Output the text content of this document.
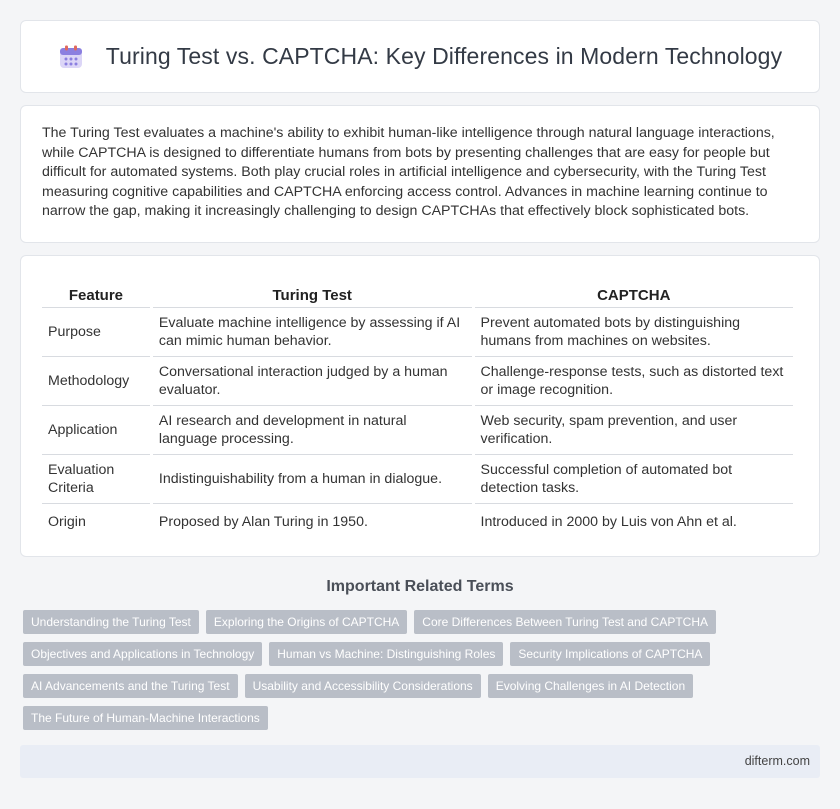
Turing Test vs. CAPTCHA: Key Differences in Modern Technology

The Turing Test evaluates a machine's ability to exhibit human-like intelligence through natural language interactions, while CAPTCHA is designed to differentiate humans from bots by presenting challenges that are easy for people but difficult for automated systems. Both play crucial roles in artificial intelligence and cybersecurity, with the Turing Test measuring cognitive capabilities and CAPTCHA enforcing access control. Advances in machine learning continue to narrow the gap, making it increasingly challenging to design CAPTCHAs that effectively block sophisticated bots.

Feature	Turing Test	CAPTCHA
Purpose	Evaluate machine intelligence by assessing if AI can mimic human behavior.	Prevent automated bots by distinguishing humans from machines on websites.
Methodology	Conversational interaction judged by a human evaluator.	Challenge-response tests, such as distorted text or image recognition.
Application	AI research and development in natural language processing.	Web security, spam prevention, and user verification.
Evaluation Criteria	Indistinguishability from a human in dialogue.	Successful completion of automated bot detection tasks.
Origin	Proposed by Alan Turing in 1950.	Introduced in 2000 by Luis von Ahn et al.
Important Related Terms
Understanding the Turing Test	Exploring the Origins of CAPTCHA	Core Differences Between Turing Test and CAPTCHA
Objectives and Applications in Technology	Human vs Machine: Distinguishing Roles	Security Implications of CAPTCHA
AI Advancements and the Turing Test	Usability and Accessibility Considerations	Evolving Challenges in AI Detection
The Future of Human-Machine Interactions
difterm.com
